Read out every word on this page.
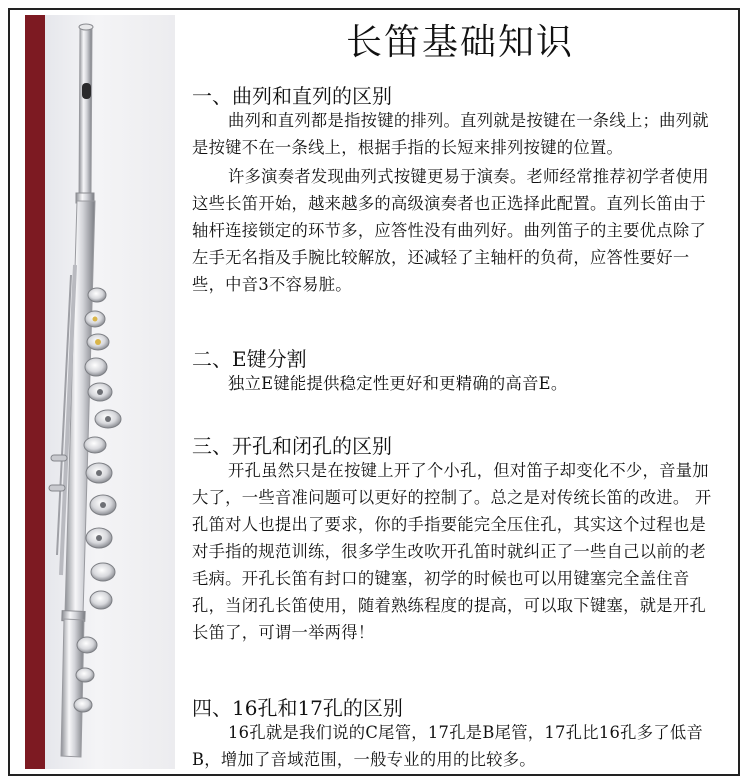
长笛基础知识
一、曲列和直列的区别
曲列和直列都是指按键的排列。直列就是按键在一条线上；曲列就是按键不在一条线上，根据手指的长短来排列按键的位置。
许多演奏者发现曲列式按键更易于演奏。老师经常推荐初学者使用这些长笛开始，越来越多的高级演奏者也正选择此配置。直列长笛由于轴杆连接锁定的环节多，应答性没有曲列好。曲列笛子的主要优点除了左手无名指及手腕比较解放，还减轻了主轴杆的负荷，应答性要好一些，中音3不容易脏。
二、E键分割
独立E键能提供稳定性更好和更精确的高音E。
三、开孔和闭孔的区别
开孔虽然只是在按键上开了个小孔，但对笛子却变化不少，音量加大了，一些音准问题可以更好的控制了。总之是对传统长笛的改进。 开孔笛对人也提出了要求，你的手指要能完全压住孔，其实这个过程也是对手指的规范训练，很多学生改吹开孔笛时就纠正了一些自己以前的老毛病。开孔长笛有封口的键塞，初学的时候也可以用键塞完全盖住音孔，当闭孔长笛使用，随着熟练程度的提高，可以取下键塞，就是开孔长笛了，可谓一举两得！
四、16孔和17孔的区别
16孔就是我们说的C尾管，17孔是B尾管，17孔比16孔多了低音B，增加了音域范围，一般专业的用的比较多。
